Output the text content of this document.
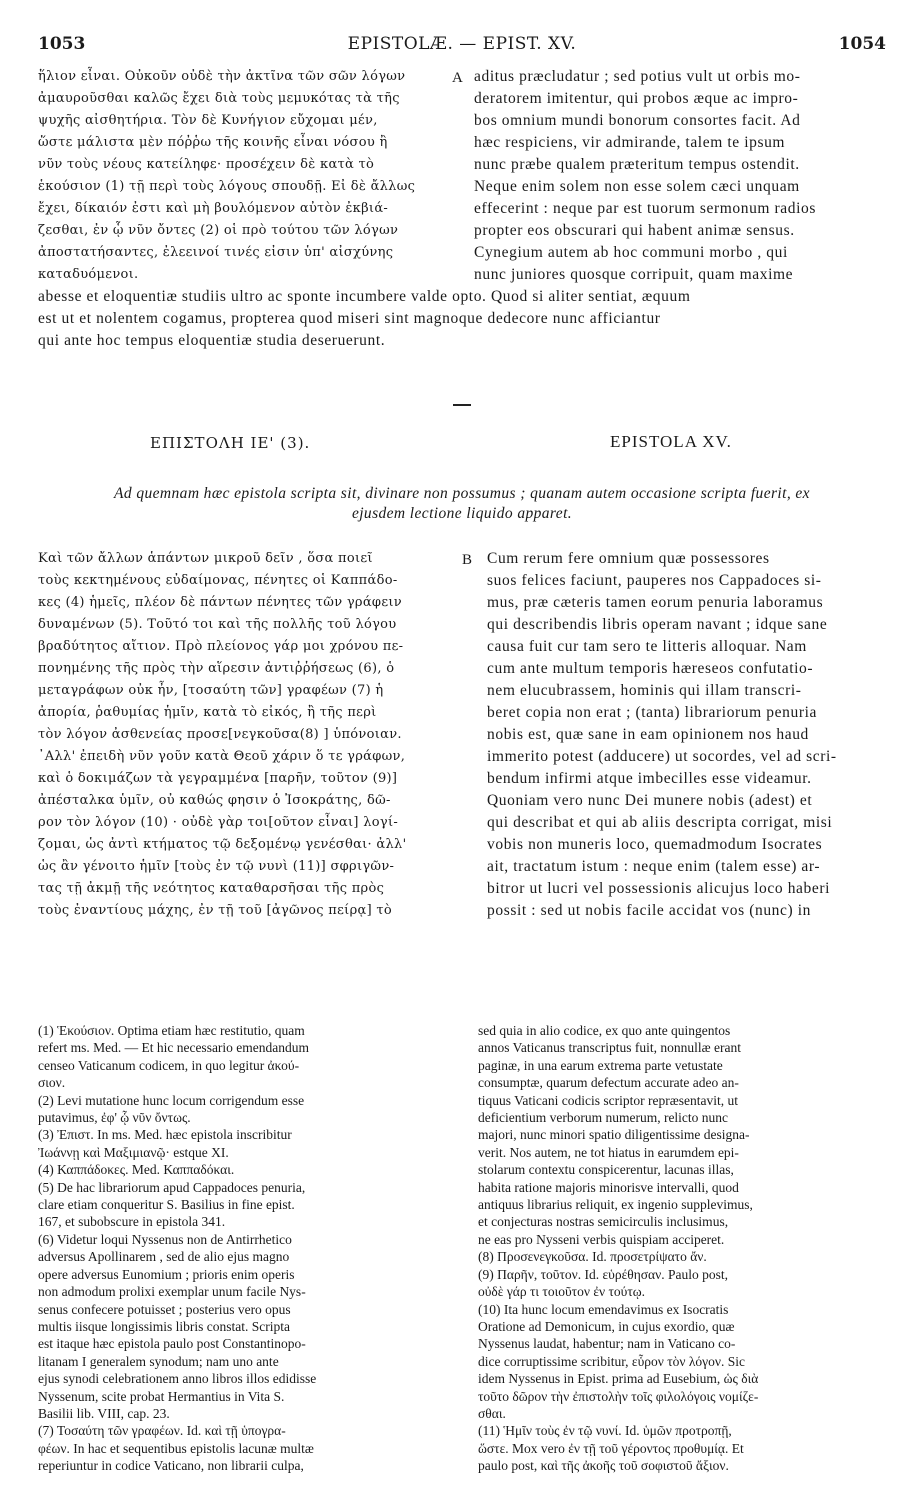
1053	EPISTOLÆ. — EPIST. XV.	1054
ἥλιον εἶναι. Οὐκοῦν οὐδὲ τὴν ἀκτῖνα τῶν σῶν λόγων
ἀμαυροῦσθαι καλῶς ἔχει διὰ τοὺς μεμυκότας τὰ τῆς
ψυχῆς αἰσθητήρια. Τὸν δὲ Κυνήγιον εὔχομαι μέν,
ὥστε μάλιστα μὲν πόῤῥω τῆς κοινῆς εἶναι νόσου ἢ
νῦν τοὺς νέους κατείληφε· προσέχειν δὲ κατὰ τὸ
ἑκούσιον (1) τῇ περὶ τοὺς λόγους σπουδῇ. Εἰ δὲ ἄλλως
ἔχει, δίκαιόν ἐστι καὶ μὴ βουλόμενον αὐτὸν ἐκβιά-
ζεσθαι, ἐν ᾧ νῦν ὄντες (2) οἱ πρὸ τούτου τῶν λόγων
ἀποστατήσαντες, ἐλεεινοί τινές εἰσιν ὑπ' αἰσχύνης
καταδυόμενοι.
A aditus præcludatur ; sed potius vult ut orbis mo-
deratorem imitentur, qui probos æque ac impro-
bos omnium mundi bonorum consortes facit. Ad
hæc respiciens, vir admirande, talem te ipsum
nunc præbe qualem præteritum tempus ostendit.
Neque enim solem non esse solem cæci unquam
effecerint : neque par est tuorum sermonum radios
propter eos obscurari qui habent animæ sensus.
Cynegium autem ab hoc communi morbo , qui
nunc juniores quosque corripuit, quam maxime
abesse et eloquentiæ studiis ultro ac sponte incumbere valde opto. Quod si aliter sentiat, æquum
est ut et nolentem cogamus, propterea quod miseri sint magnoque dedecore nunc afficiantur
qui ante hoc tempus eloquentiæ studia deseruerunt.
ΕΠΙΣΤΟΛΗ ΙΕ' (3).	EPISTOLA XV.
Ad quemnam hæc epistola scripta sit, divinare non possumus ; quanam autem occasione scripta fuerit, ex
ejusdem lectione liquido apparet.
Καὶ τῶν ἄλλων ἁπάντων μικροῦ δεῖν , ὅσα ποιεῖ
τοὺς κεκτημένους εὐδαίμονας, πένητες οἱ Καππάδο-
κες (4) ἡμεῖς, πλέον δὲ πάντων πένητες τῶν γράφειν
δυναμένων (5). Τοῦτό τοι καὶ τῆς πολλῆς τοῦ λόγου
βραδύτητος αἴτιον. Πρὸ πλείονος γάρ μοι χρόνου πε-
πονημένης τῆς πρὸς τὴν αἵρεσιν ἀντιῤῥήσεως (6), ὁ
μεταγράφων οὐκ ἦν, [τοσαύτη τῶν] γραφέων (7) ἡ
ἀπορία, ῥαθυμίας ἡμῖν, κατὰ τὸ εἰκός, ἢ τῆς περὶ
τὸν λόγον ἀσθενείας προσε[νεγκοῦσα(8) ] ὑπόνοιαν.
᾿Αλλ' ἐπειδὴ νῦν γοῦν κατὰ Θεοῦ χάριν ὅ τε γράφων,
καὶ ὁ δοκιμάζων τὰ γεγραμμένα [παρῆν, τοῦτον (9)]
ἀπέσταλκα ὑμῖν, οὐ καθώς φησιν ὁ Ἰσοκράτης, δῶ-
ρον τὸν λόγον (10) · οὐδὲ γὰρ τοι[οῦτον εἶναι] λογί-
ζομαι, ὡς ἀντὶ κτήματος τῷ δεξομένῳ γενέσθαι· ἀλλ'
ὡς ἂν γένοιτο ἡμῖν [τοὺς ἐν τῷ νυνὶ (11)] σφριγῶν-
τας τῇ ἀκμῇ τῆς νεότητος καταθαρσῆσαι τῆς πρὸς
τοὺς ἐναντίους μάχης, ἐν τῇ τοῦ [ἀγῶνος πείρᾳ] τὸ
B Cum rerum fere omnium quæ possessores
suos felices faciunt, pauperes nos Cappadoces si-
mus, præ cæteris tamen eorum penuria laboramus
qui describendis libris operam navant ; idque sane
causa fuit cur tam sero te litteris alloquar. Nam
cum ante multum temporis hæreseos confutatio-
nem elucubrassem, hominis qui illam transcri-
beret copia non erat ; (tanta) librariorum penuria
nobis est, quæ sane in eam opinionem nos haud
immerito potest (adducere) ut socordes, vel ad scri-
bendum infirmi atque imbecilles esse videamur.
Quoniam vero nunc Dei munere nobis (adest) et
qui describat et qui ab aliis descripta corrigat, misi
vobis non muneris loco, quemadmodum Isocrates
ait, tractatum istum : neque enim (talem esse) ar-
bitror ut lucri vel possessionis alicujus loco haberi
possit : sed ut nobis facile accidat vos (nunc) in
(1) Ἑκούσιον. Optima etiam hæc restitutio, quam
refert ms. Med. — Et hic necessario emendandum
censeo Vaticanum codicem, in quo legitur ἀκού-
σιον.
(2) Levi mutatione hunc locum corrigendum esse
putavimus, ἐφ' ᾧ νῦν ὄντως.
(3) Ἐπιστ. In ms. Med. hæc epistola inscribitur
Ἰωάννῃ καὶ Μαξιμιανῷ· estque XI.
(4) Καππάδοκες. Med. Καππαδόκαι.
(5) De hac librariorum apud Cappadoces penuria,
clare etiam conqueritur S. Basilius in fine epist.
167, et subobscure in epistola 341.
(6) Videtur loqui Nyssenus non de Antirrhetico
adversus Apollinarem , sed de alio ejus magno
opere adversus Eunomium ; prioris enim operis
non admodum prolixi exemplar unum facile Nys-
senus confecere potuisset ; posterius vero opus
multis iisque longissimis libris constat. Scripta
est itaque hæc epistola paulo post Constantinopo-
litanam I generalem synodum; nam uno ante
ejus synodi celebrationem anno libros illos edidisse
Nyssenum, scite probat Hermantius in Vita S.
Basilii lib. VIII, cap. 23.
(7) Τοσαύτη τῶν γραφέων. Id. καὶ τῇ ὑπογρα-
φέων. In hac et sequentibus epistolis lacunæ multæ
reperiuntur in codice Vaticano, non librarii culpa,
sed quia in alio codice, ex quo ante quingentos
annos Vaticanus transcriptus fuit, nonnullæ erant
paginæ, in una earum extrema parte vetustate
consumptæ, quarum defectum accurate adeo an-
tiquus Vaticani codicis scriptor repræsentavit, ut
deficientium verborum numerum, relicto nunc
majori, nunc minori spatio diligentissime designa-
verit. Nos autem, ne tot hiatus in earumdem epi-
stolarum contextu conspicerentur, lacunas illas,
habita ratione majoris minorisve intervalli, quod
antiquus librarius reliquit, ex ingenio supplevimus,
et conjecturas nostras semicirculis inclusimus,
ne eas pro Nysseni verbis quispiam acciperet.
(8) Προσενεγκοῦσα. Id. προσετρίψατο ἄν.
(9) Παρῆν, τοῦτον. Id. εὑρέθησαν. Paulo post,
οὐδὲ γάρ τι τοιοῦτον ἐν τούτῳ.
(10) Ita hunc locum emendavimus ex Isocratis
Oratione ad Demonicum, in cujus exordio, quæ
Nyssenus laudat, habentur; nam in Vaticano co-
dice corruptissime scribitur, εὗρον τὸν λόγον. Sic
idem Nyssenus in Epist. prima ad Eusebium, ὡς διὰ
τοῦτο δῶρον τὴν ἐπιστολὴν τοῖς φιλολόγοις νομίζε-
σθαι.
(11) Ἡμῖν τοὺς ἐν τῷ νυνί. Id. ὑμῶν προτροπῇ,
ὥστε. Mox vero ἐν τῇ τοῦ γέροντος προθυμίᾳ. Et
paulo post, καὶ τῆς ἀκοῆς τοῦ σοφιστοῦ ἄξιον.
